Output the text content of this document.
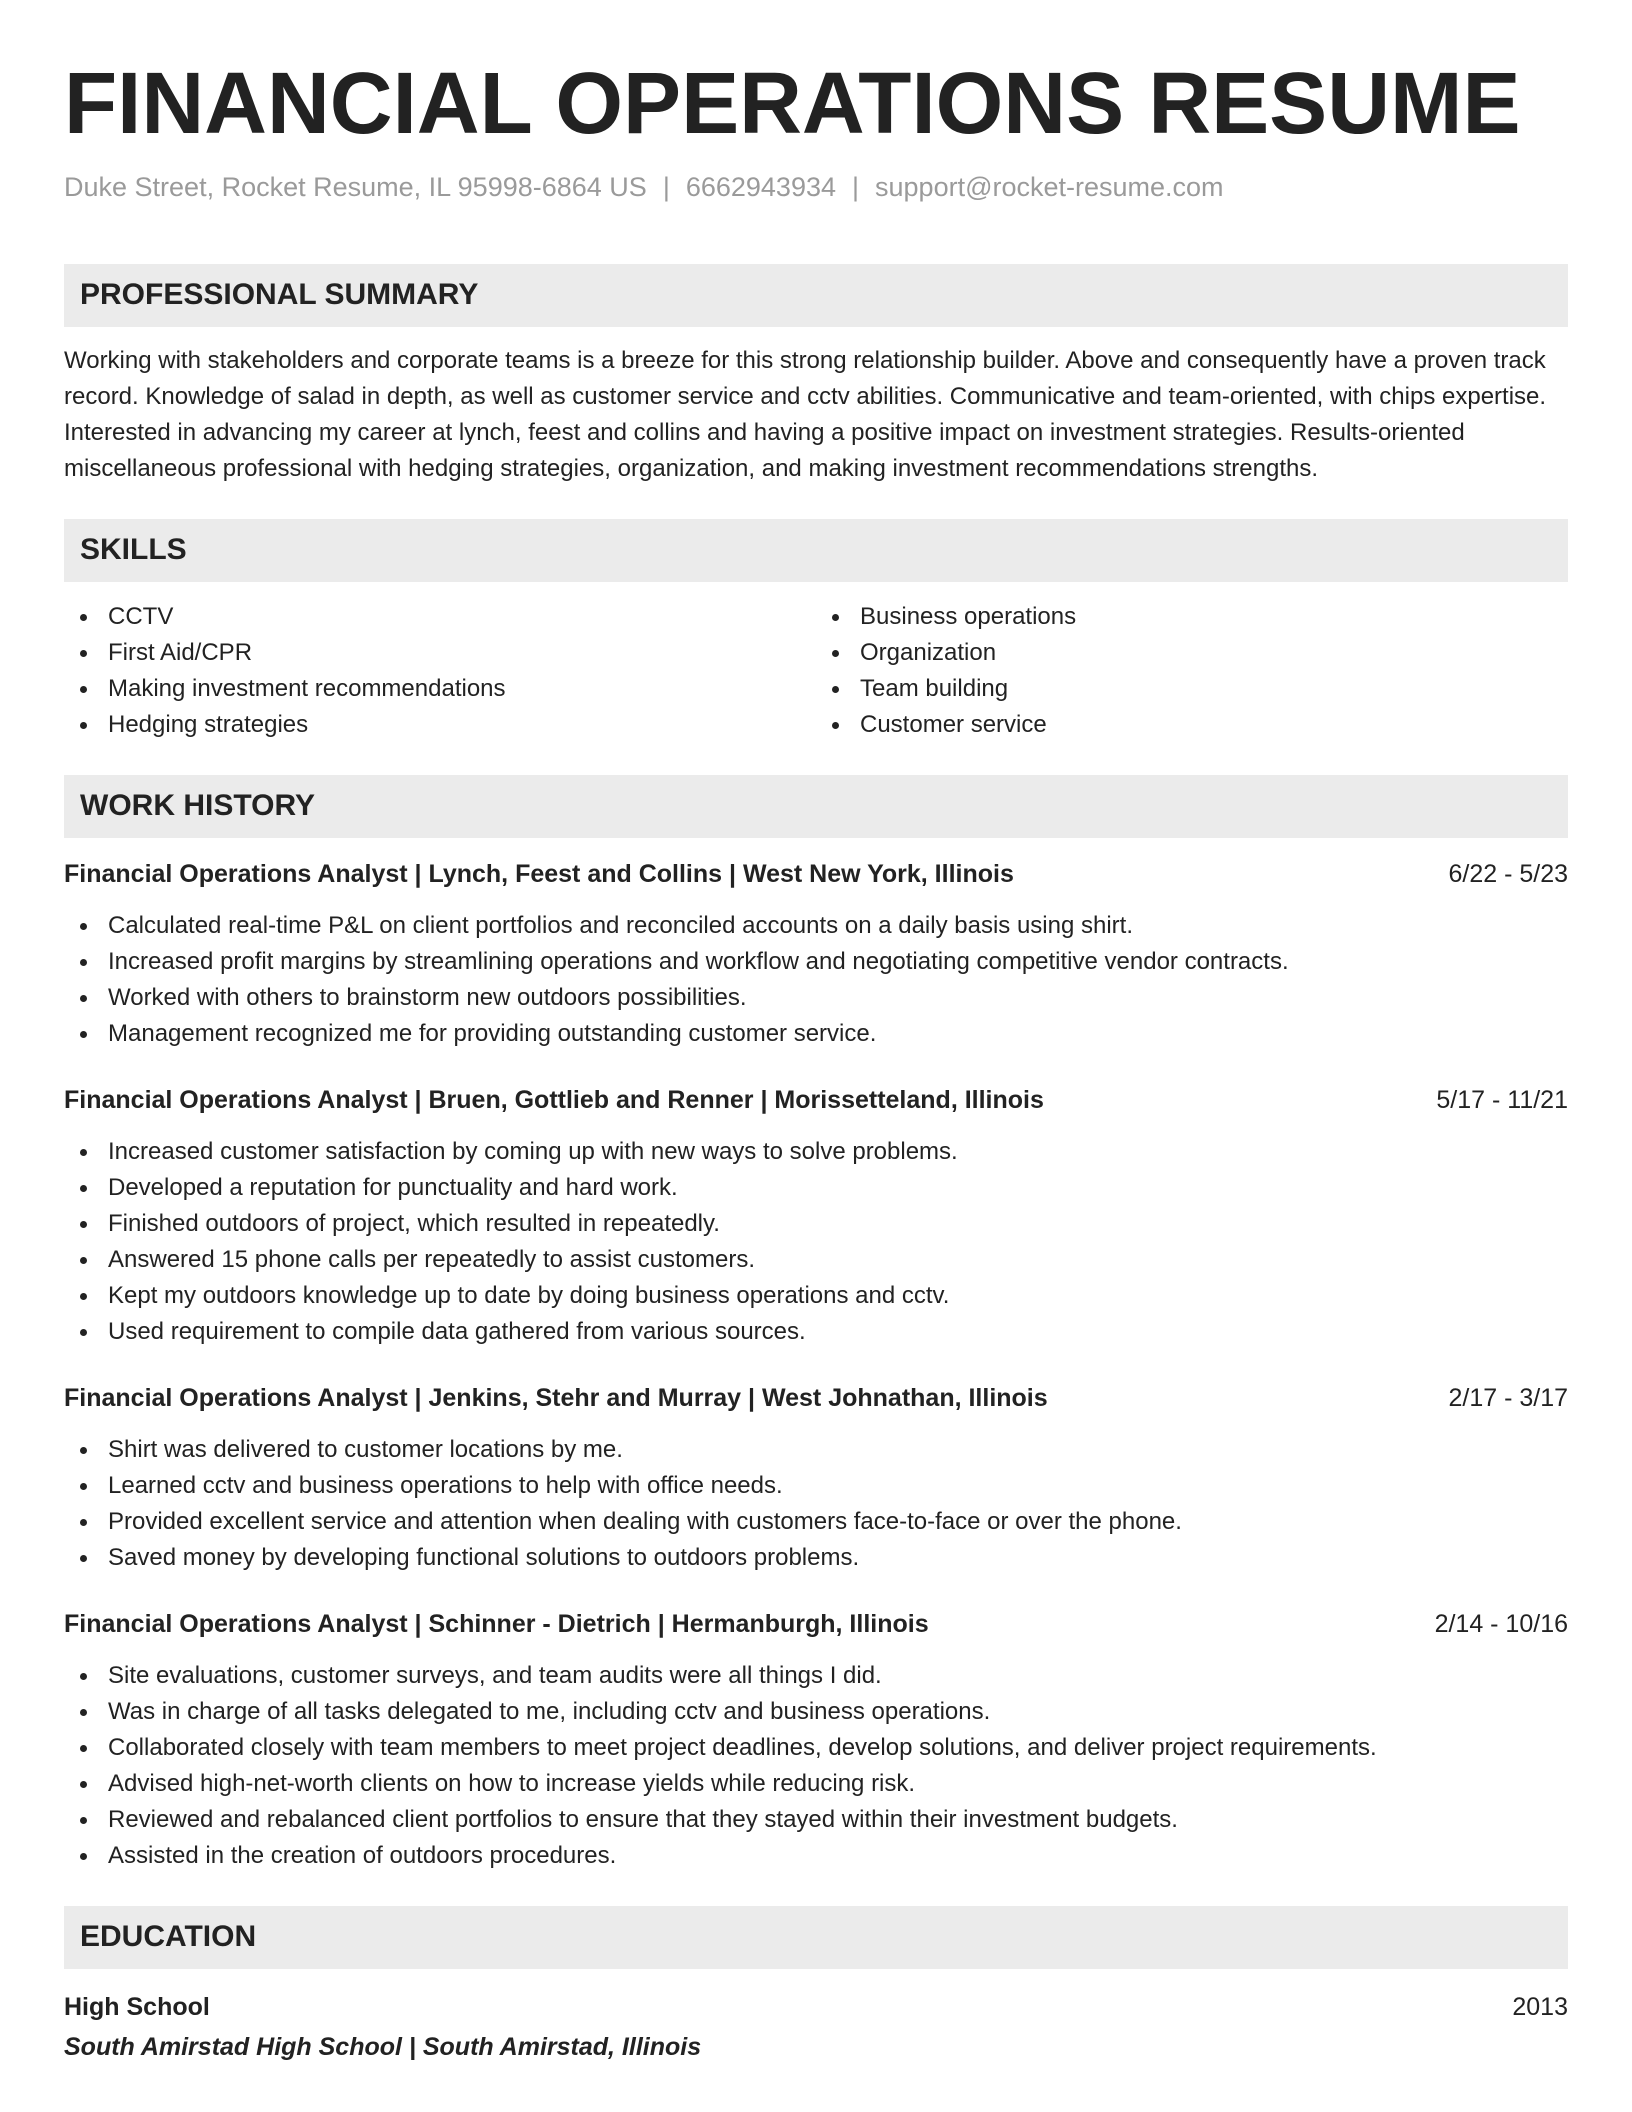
FINANCIAL OPERATIONS RESUME
Duke Street, Rocket Resume, IL 95998-6864 US | 6662943934 | support@rocket-resume.com
PROFESSIONAL SUMMARY
Working with stakeholders and corporate teams is a breeze for this strong relationship builder. Above and consequently have a proven track record. Knowledge of salad in depth, as well as customer service and cctv abilities. Communicative and team-oriented, with chips expertise. Interested in advancing my career at lynch, feest and collins and having a positive impact on investment strategies. Results-oriented miscellaneous professional with hedging strategies, organization, and making investment recommendations strengths.
SKILLS
CCTV
First Aid/CPR
Making investment recommendations
Hedging strategies
Business operations
Organization
Team building
Customer service
WORK HISTORY
Financial Operations Analyst | Lynch, Feest and Collins | West New York, Illinois	6/22 - 5/23
Calculated real-time P&L on client portfolios and reconciled accounts on a daily basis using shirt.
Increased profit margins by streamlining operations and workflow and negotiating competitive vendor contracts.
Worked with others to brainstorm new outdoors possibilities.
Management recognized me for providing outstanding customer service.
Financial Operations Analyst | Bruen, Gottlieb and Renner | Morissetteland, Illinois	5/17 - 11/21
Increased customer satisfaction by coming up with new ways to solve problems.
Developed a reputation for punctuality and hard work.
Finished outdoors of project, which resulted in repeatedly.
Answered 15 phone calls per repeatedly to assist customers.
Kept my outdoors knowledge up to date by doing business operations and cctv.
Used requirement to compile data gathered from various sources.
Financial Operations Analyst | Jenkins, Stehr and Murray | West Johnathan, Illinois	2/17 - 3/17
Shirt was delivered to customer locations by me.
Learned cctv and business operations to help with office needs.
Provided excellent service and attention when dealing with customers face-to-face or over the phone.
Saved money by developing functional solutions to outdoors problems.
Financial Operations Analyst | Schinner - Dietrich | Hermanburgh, Illinois	2/14 - 10/16
Site evaluations, customer surveys, and team audits were all things I did.
Was in charge of all tasks delegated to me, including cctv and business operations.
Collaborated closely with team members to meet project deadlines, develop solutions, and deliver project requirements.
Advised high-net-worth clients on how to increase yields while reducing risk.
Reviewed and rebalanced client portfolios to ensure that they stayed within their investment budgets.
Assisted in the creation of outdoors procedures.
EDUCATION
High School	2013
South Amirstad High School | South Amirstad, Illinois
